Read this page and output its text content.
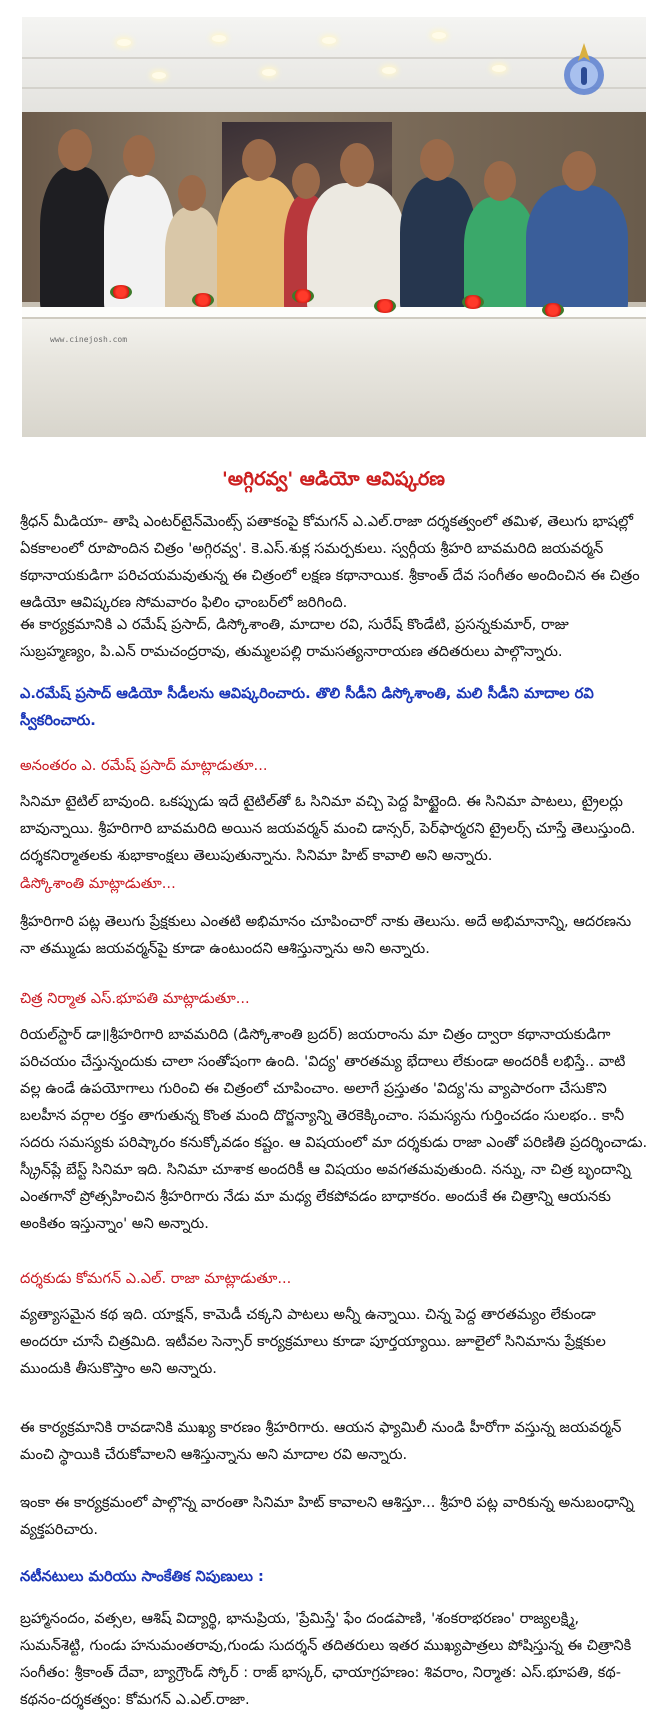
www.cinejosh.com
'అగ్గిరవ్వ' ఆడియో ఆవిష్కరణ
శ్రీధన్ మీడియా- తాషి ఎంటర్‌టైన్‌మెంట్స్ పతాకంపై కోమగన్ ఎ.ఎల్.రాజా దర్శకత్వంలో తమిళ, తెలుగు భాషల్లో ఏకకాలంలో రూపొందిన చిత్రం 'అగ్గిరవ్వ'. కె.ఎస్.శుక్ల సమర్పకులు. స్వర్గీయ శ్రీహరి బావమరిది జయవర్మన్ కథానాయకుడిగా పరిచయమవుతున్న ఈ చిత్రంలో లక్షణ కథానాయిక. శ్రీకాంత్ దేవ సంగీతం అందించిన ఈ చిత్రం ఆడియో ఆవిష్కరణ సోమవారం ఫిలిం ఛాంబర్‌లో జరిగింది.
ఈ కార్యక్రమానికి ఎ రమేష్ ప్రసాద్, డిస్కోశాంతి, మాదాల రవి, సురేష్ కొండేటి, ప్రసన్నకుమార్, రాజు సుబ్రహ్మణ్యం, పి.ఎన్ రామచంద్రరావు, తుమ్మలపల్లి రామసత్యనారాయణ తదితరులు పాల్గొన్నారు.
ఎ.రమేష్ ప్రసాద్ ఆడియో సీడీలను ఆవిష్కరించారు. తొలి సీడీని డిస్కోశాంతి, మలి సీడీని మాదాల రవి స్వీకరించారు.
అనంతరం ఎ. రమేష్ ప్రసాద్ మాట్లాడుతూ...
సినిమా టైటిల్ బావుంది. ఒకప్పుడు ఇదే టైటిల్‌తో ఓ సినిమా వచ్చి పెద్ద హిట్టైంది. ఈ సినిమా పాటలు, ట్రైలర్లు బావున్నాయి. శ్రీహరిగారి బావమరిది అయిన జయవర్మన్ మంచి డాన్సర్, పెర్‌ఫార్మరని ట్రైలర్స్ చూస్తే తెలుస్తుంది. దర్శకనిర్మాతలకు శుభాకాంక్షలు తెలుపుతున్నాను. సినిమా హిట్ కావాలి అని అన్నారు.
డిస్కోశాంతి మాట్లాడుతూ...
శ్రీహరిగారి పట్ల తెలుగు ప్రేక్షకులు ఎంతటి అభిమానం చూపించారో నాకు తెలుసు. అదే అభిమానాన్ని, ఆదరణను నా తమ్ముడు జయవర్మన్‌పై కూడా ఉంటుందని ఆశిస్తున్నాను అని అన్నారు.
చిత్ర నిర్మాత ఎస్.భూపతి మాట్లాడుతూ...
రియల్‌స్టార్ డా॥శ్రీహరిగారి బావమరిది (డిస్కోశాంతి బ్రదర్) జయరాంను మా చిత్రం ద్వారా కథానాయకుడిగా పరిచయం చేస్తున్నందుకు చాలా సంతోషంగా ఉంది. 'విద్య' తారతమ్య భేదాలు లేకుండా అందరికీ లభిస్తే.. వాటి వల్ల ఉండే ఉపయోగాలు గురించి ఈ చిత్రంలో చూపించాం. అలాగే ప్రస్తుతం 'విద్య'ను వ్యాపారంగా చేసుకొని బలహీన వర్గాల రక్తం తాగుతున్న కొంత మంది దొర్జన్యాన్ని తెరకెక్కించాం. సమస్యను గుర్తించడం సులభం.. కానీ సదరు సమస్యకు పరిష్కారం కనుక్కోవడం కష్టం. ఆ విషయంలో మా దర్శకుడు రాజా ఎంతో పరిణితి ప్రదర్శించాడు. స్క్రీన్‌ప్లే బేస్ట్ సినిమా ఇది. సినిమా చూశాక అందరికీ ఆ విషయం అవగతమవుతుంది. నన్ను, నా చిత్ర బృందాన్ని ఎంతగానో ప్రోత్సహించిన శ్రీహరిగారు నేడు మా మధ్య లేకపోవడం బాధాకరం. అందుకే ఈ చిత్రాన్ని ఆయనకు అంకితం ఇస్తున్నాం' అని అన్నారు.
దర్శకుడు కోమగన్ ఎ.ఎల్. రాజా మాట్లాడుతూ...
వ్యత్యాసమైన కథ ఇది. యాక్షన్, కామెడీ చక్కని పాటలు అన్నీ ఉన్నాయి. చిన్న పెద్ద తారతమ్యం లేకుండా అందరూ చూసే చిత్రమిది. ఇటీవల సెన్సార్ కార్యక్రమాలు కూడా పూర్తయ్యాయి. జూలైలో సినిమాను ప్రేక్షకుల ముందుకి తీసుకొస్తాం అని అన్నారు.
ఈ కార్యక్రమానికి రావడానికి ముఖ్య కారణం శ్రీహరిగారు. ఆయన ఫ్యామిలీ నుండి హీరోగా వస్తున్న జయవర్మన్ మంచి స్థాయికి చేరుకోవాలని ఆశిస్తున్నాను అని మాదాల రవి అన్నారు.
ఇంకా ఈ కార్యక్రమంలో పాల్గొన్న వారంతా సినిమా హిట్ కావాలని ఆశిస్తూ... శ్రీహరి పట్ల వారికున్న అనుబంధాన్ని వ్యక్తపరిచారు.
నటీనటులు మరియు సాంకేతిక నిపుణులు :
బ్రహ్మానందం, వత్సల, ఆశిష్ విద్యార్థి, భానుప్రియ, 'ప్రేమిస్తే' ఫేం దండపాణి, 'శంకరాభరణం' రాజ్యలక్ష్మి, సుమన్‌శెట్టి, గుండు హనుమంతరావు,గుండు సుదర్శన్ తదితరులు ఇతర ముఖ్యపాత్రలు పోషిస్తున్న ఈ చిత్రానికి సంగీతం: శ్రీకాంత్ దేవా, బ్యాగ్రౌండ్ స్కోర్ : రాజ్ భాస్కర్, ఛాయాగ్రహణం: శివరాం, నిర్మాత: ఎస్.భూపతి, కథ-కథనం-దర్శకత్వం: కోమగన్ ఎ.ఎల్.రాజా.
